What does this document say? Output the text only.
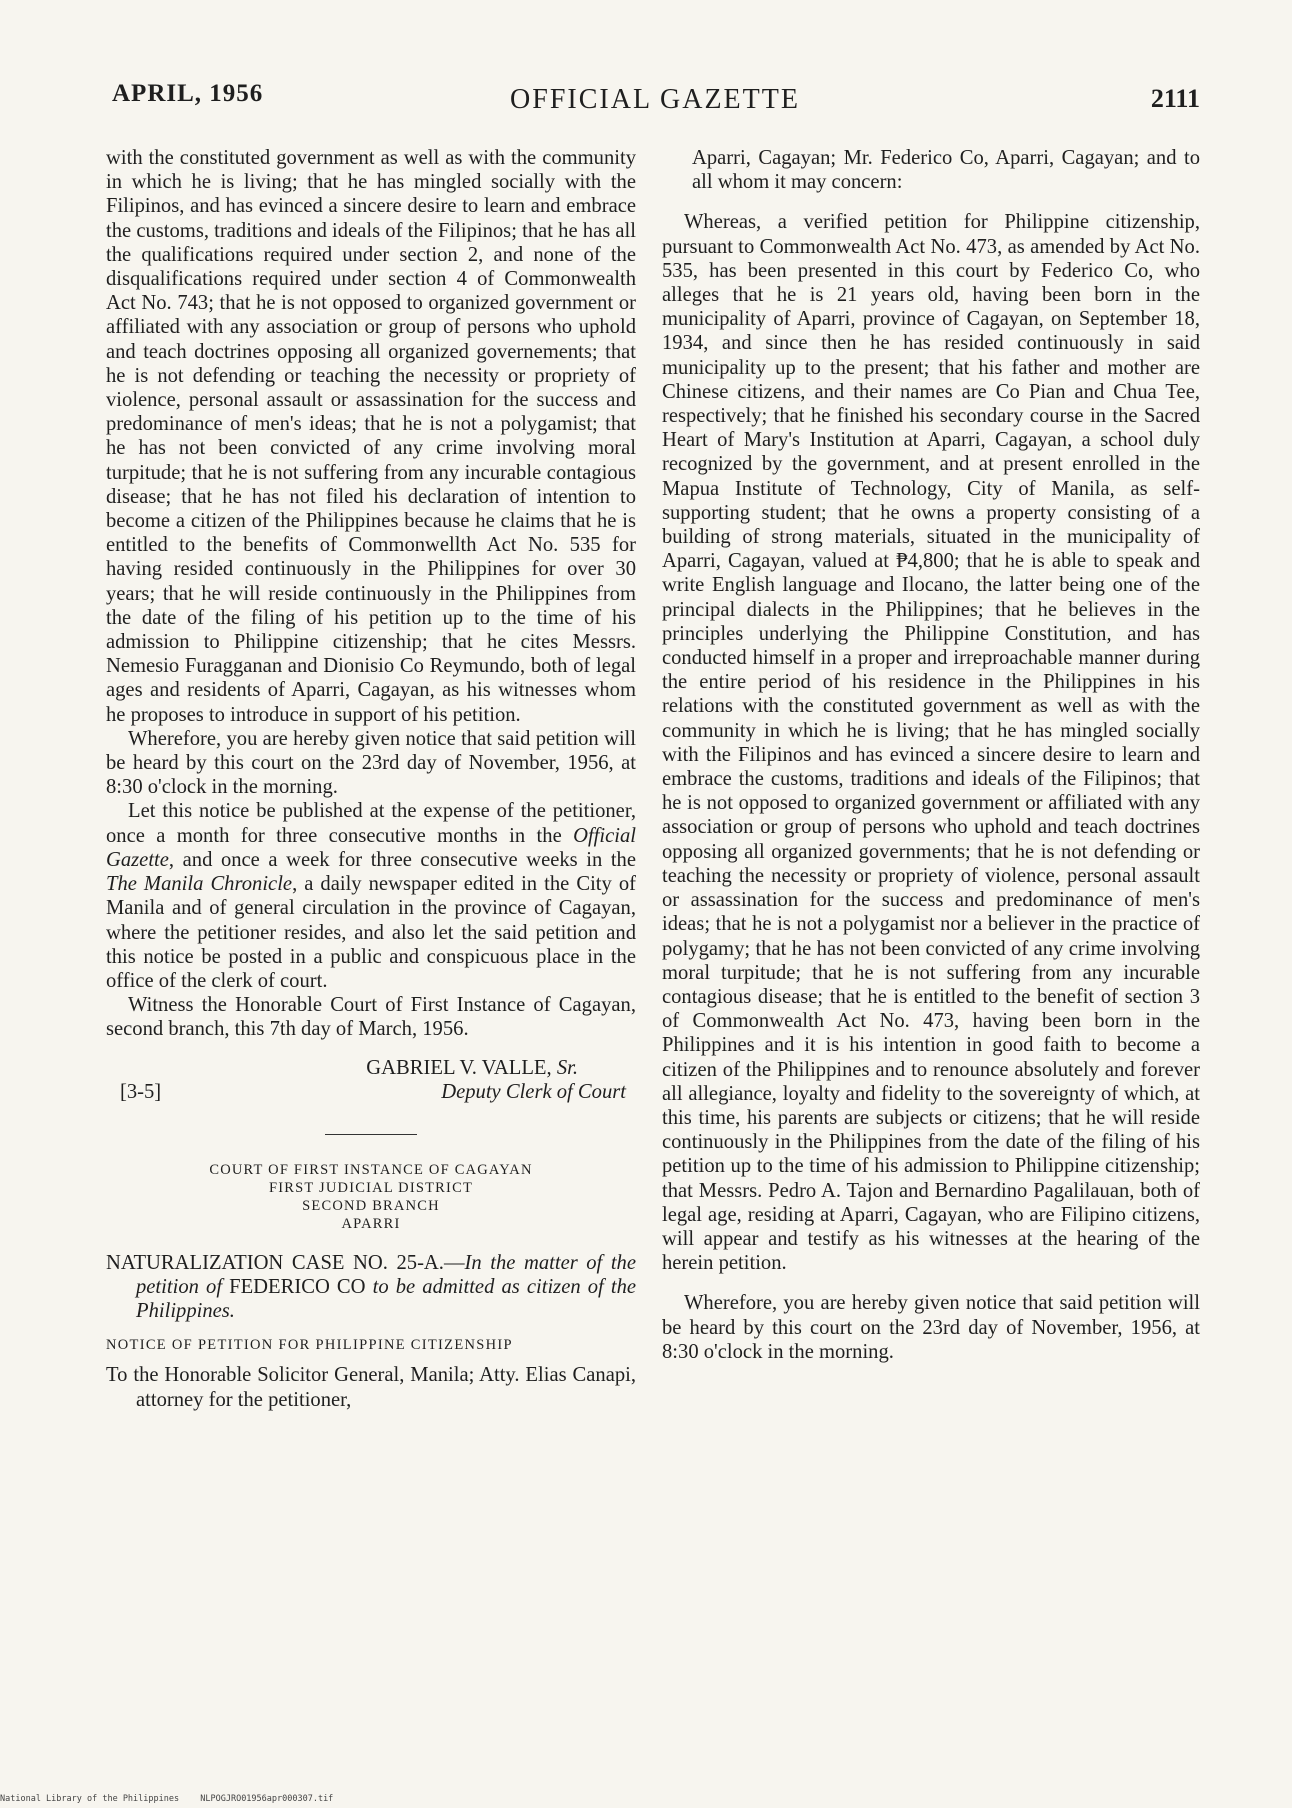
APRIL, 1956	OFFICIAL GAZETTE	2111

with the constituted government as well as with the community in which he is living; that he has mingled socially with the Filipinos, and has evinced a sincere desire to learn and embrace the customs, traditions and ideals of the Filipinos; that he has all the qualifications required under section 2, and none of the disqualifications required under section 4 of Commonwealth Act No. 743; that he is not opposed to organized government or affiliated with any association or group of persons who uphold and teach doctrines opposing all organized governements; that he is not defending or teaching the necessity or propriety of violence, personal assault or assassination for the success and predominance of men's ideas; that he is not a polygamist; that he has not been convicted of any crime involving moral turpitude; that he is not suffering from any incurable contagious disease; that he has not filed his declaration of intention to become a citizen of the Philippines because he claims that he is entitled to the benefits of Commonwellth Act No. 535 for having resided continuously in the Philippines for over 30 years; that he will reside continuously in the Philippines from the date of the filing of his petition up to the time of his admission to Philippine citizenship; that he cites Messrs. Nemesio Furagganan and Dionisio Co Reymundo, both of legal ages and residents of Aparri, Cagayan, as his witnesses whom he proposes to introduce in support of his petition.

Wherefore, you are hereby given notice that said petition will be heard by this court on the 23rd day of November, 1956, at 8:30 o'clock in the morning.

Let this notice be published at the expense of the petitioner, once a month for three consecutive months in the Official Gazette, and once a week for three consecutive weeks in the The Manila Chronicle, a daily newspaper edited in the City of Manila and of general circulation in the province of Cagayan, where the petitioner resides, and also let the said petition and this notice be posted in a public and conspicuous place in the office of the clerk of court.

Witness the Honorable Court of First Instance of Cagayan, second branch, this 7th day of March, 1956.

GABRIEL V. VALLE, Sr.
[3-5]	Deputy Clerk of Court
COURT OF FIRST INSTANCE OF CAGAYAN
FIRST JUDICIAL DISTRICT
SECOND BRANCH
APARRI

NATURALIZATION CASE NO. 25-A.—In the matter of the petition of FEDERICO CO to be admitted as citizen of the Philippines.

NOTICE OF PETITION FOR PHILIPPINE CITIZENSHIP

To the Honorable Solicitor General, Manila; Atty. Elias Canapi, attorney for the petitioner,

Aparri, Cagayan; Mr. Federico Co, Aparri, Cagayan; and to all whom it may concern:

Whereas, a verified petition for Philippine citizenship, pursuant to Commonwealth Act No. 473, as amended by Act No. 535, has been presented in this court by Federico Co, who alleges that he is 21 years old, having been born in the municipality of Aparri, province of Cagayan, on September 18, 1934, and since then he has resided continuously in said municipality up to the present; that his father and mother are Chinese citizens, and their names are Co Pian and Chua Tee, respectively; that he finished his secondary course in the Sacred Heart of Mary's Institution at Aparri, Cagayan, a school duly recognized by the government, and at present enrolled in the Mapua Institute of Technology, City of Manila, as self-supporting student; that he owns a property consisting of a building of strong materials, situated in the municipality of Aparri, Cagayan, valued at ₱4,800; that he is able to speak and write English language and Ilocano, the latter being one of the principal dialects in the Philippines; that he believes in the principles underlying the Philippine Constitution, and has conducted himself in a proper and irreproachable manner during the entire period of his residence in the Philippines in his relations with the constituted government as well as with the community in which he is living; that he has mingled socially with the Filipinos and has evinced a sincere desire to learn and embrace the customs, traditions and ideals of the Filipinos; that he is not opposed to organized government or affiliated with any association or group of persons who uphold and teach doctrines opposing all organized governments; that he is not defending or teaching the necessity or propriety of violence, personal assault or assassination for the success and predominance of men's ideas; that he is not a polygamist nor a believer in the practice of polygamy; that he has not been convicted of any crime involving moral turpitude; that he is not suffering from any incurable contagious disease; that he is entitled to the benefit of section 3 of Commonwealth Act No. 473, having been born in the Philippines and it is his intention in good faith to become a citizen of the Philippines and to renounce absolutely and forever all allegiance, loyalty and fidelity to the sovereignty of which, at this time, his parents are subjects or citizens; that he will reside continuously in the Philippines from the date of the filing of his petition up to the time of his admission to Philippine citizenship; that Messrs. Pedro A. Tajon and Bernardino Pagalilauan, both of legal age, residing at Aparri, Cagayan, who are Filipino citizens, will appear and testify as his witnesses at the hearing of the herein petition.

Wherefore, you are hereby given notice that said petition will be heard by this court on the 23rd day of November, 1956, at 8:30 o'clock in the morning.

National Library of the Philippines NLPOGJRO01956apr000307.tif
